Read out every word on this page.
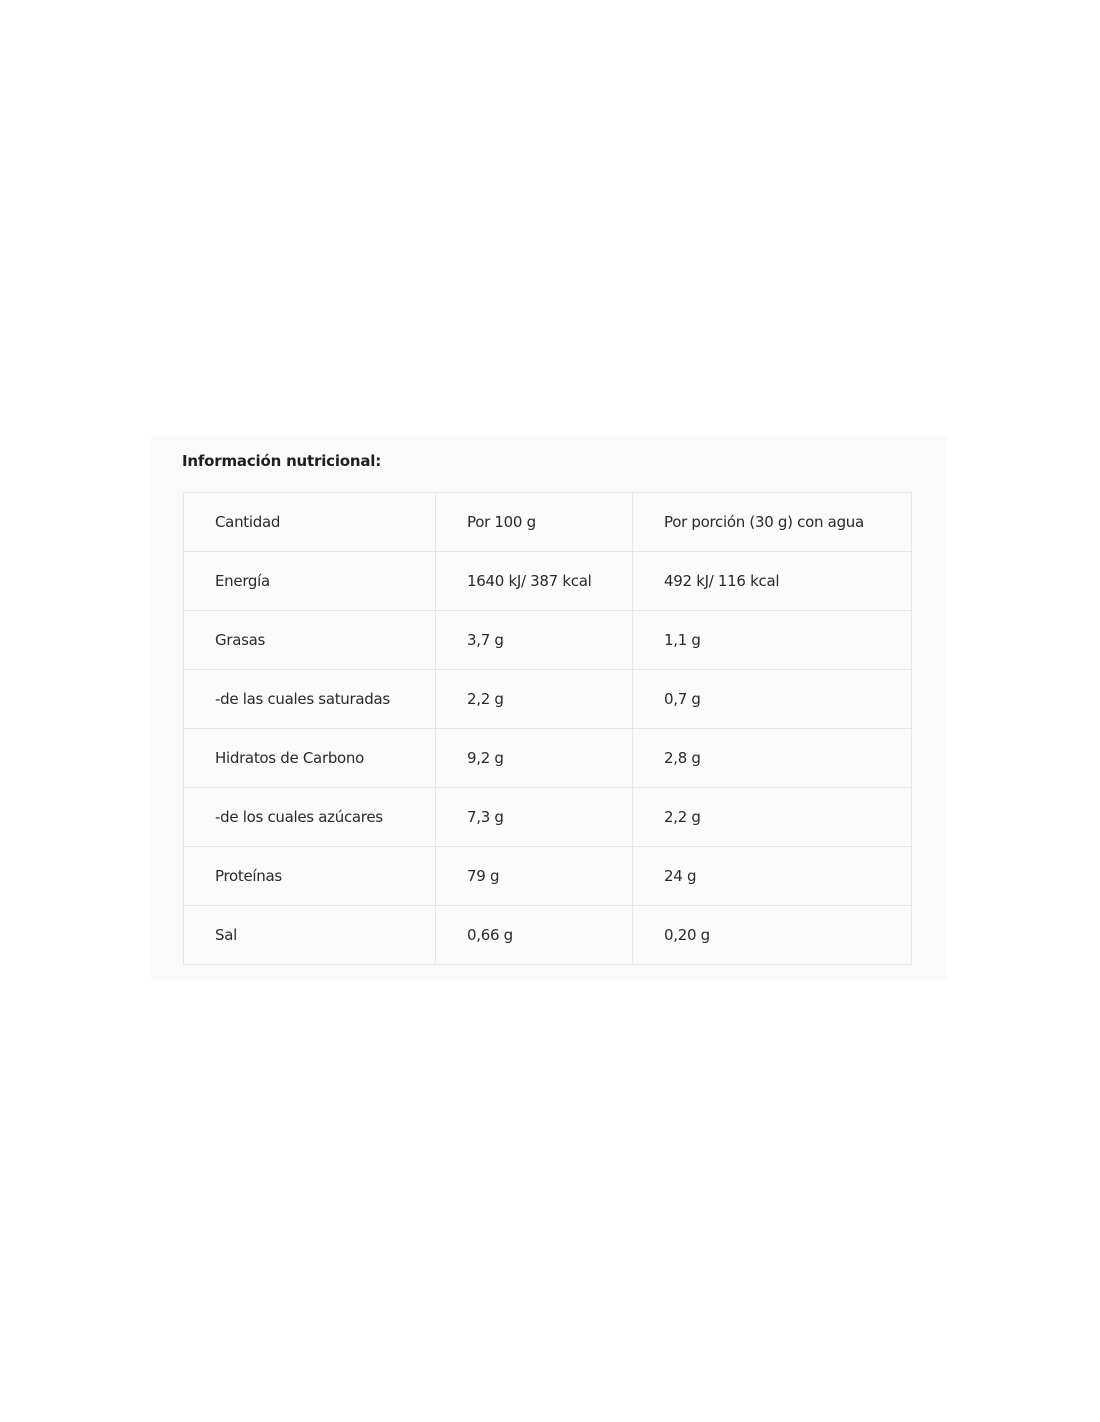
Información nutricional:
Cantidad	Por 100 g	Por porción (30 g) con agua
Energía	1640 kJ/ 387 kcal	492 kJ/ 116 kcal
Grasas	3,7 g	1,1 g
-de las cuales saturadas	2,2 g	0,7 g
Hidratos de Carbono	9,2 g	2,8 g
-de los cuales azúcares	7,3 g	2,2 g
Proteínas	79 g	24 g
Sal	0,66 g	0,20 g
